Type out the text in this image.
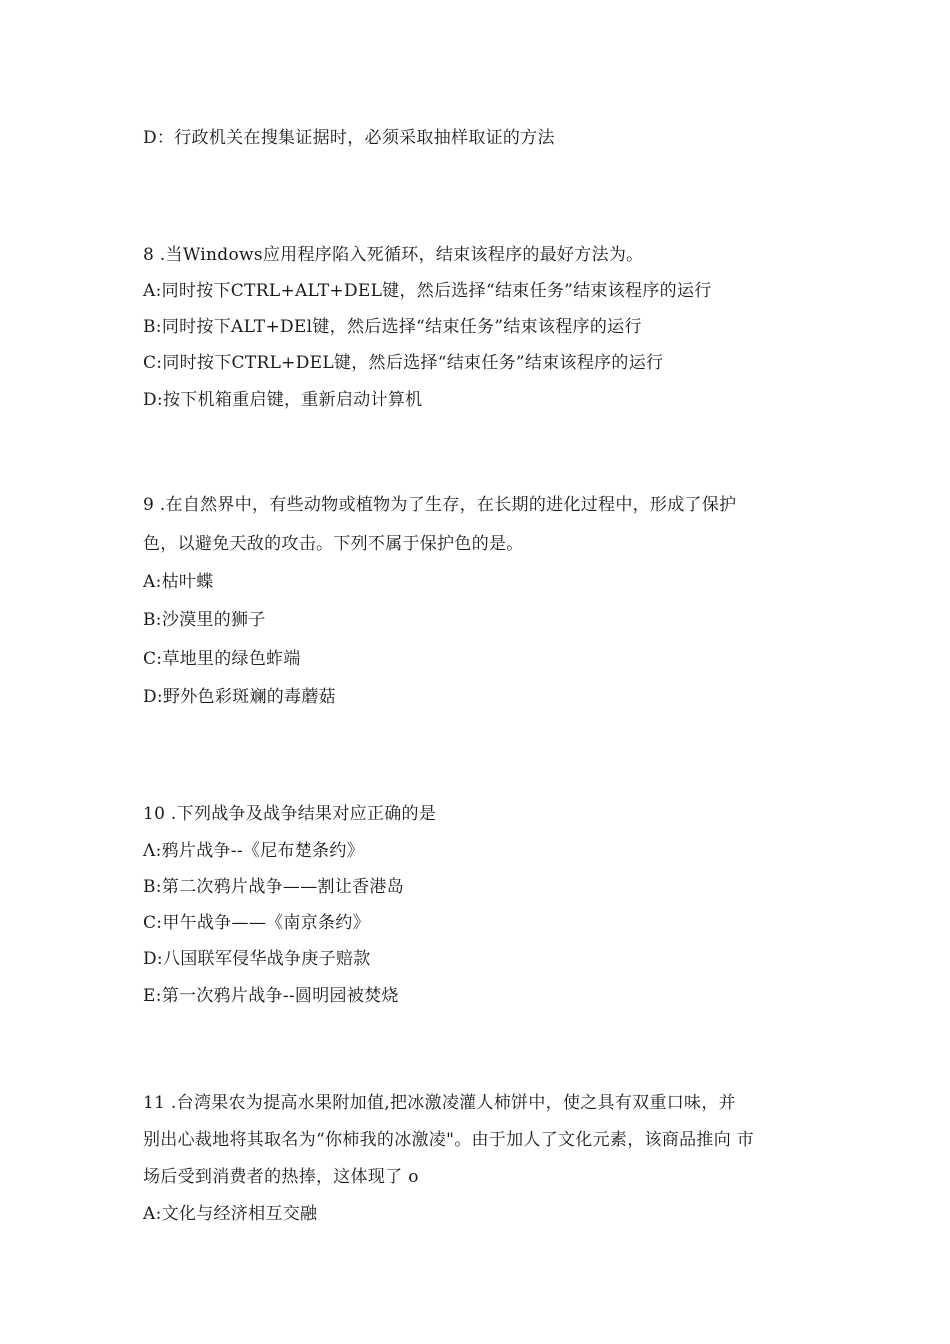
D：行政机关在搜集证据时，必须采取抽样取证的方法
8 .当Windows应用程序陷入死循环，结束该程序的最好方法为。
A:同时按下CTRL+ALT+DEL键，然后选择“结束任务”结束该程序的运行
B:同时按下ALT+DEl键，然后选择“结束任务”结束该程序的运行
C:同时按下CTRL+DEL键，然后选择“结束任务”结束该程序的运行
D:按下机箱重启键，重新启动计算机
9 .在自然界中，有些动物或植物为了生存，在长期的进化过程中，形成了保护
色，以避免天敌的攻击。下列不属于保护色的是。
A:枯叶蝶
B:沙漠里的狮子
C:草地里的绿色蚱端
D:野外色彩斑斓的毒蘑菇
10 .下列战争及战争结果对应正确的是
Λ:鸦片战争--《尼布楚条约》
B:第二次鸦片战争——割让香港岛
C:甲午战争——《南京条约》
D:八国联军侵华战争庚子赔款
E:第一次鸦片战争--圆明园被焚烧
11 .台湾果农为提高水果附加值,把冰激凌灌人柿饼中，使之具有双重口味，并
别出心裁地将其取名为“你柿我的冰激凌"。由于加人了文化元素，该商品推向 市
场后受到消费者的热捧，这体现了 o
A:文化与经济相互交融
